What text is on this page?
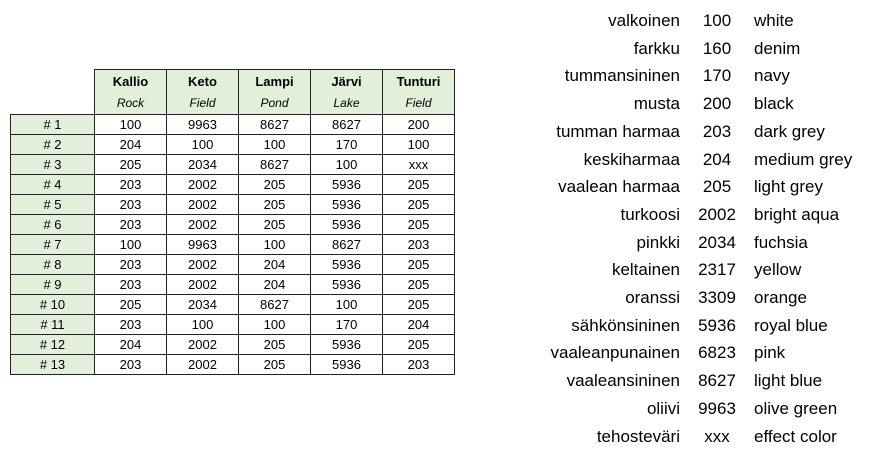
	Kallio	Keto	Lampi	Järvi	Tunturi
	Rock	Field	Pond	Lake	Field
# 1	100	9963	8627	8627	200
# 2	204	100	100	170	100
# 3	205	2034	8627	100	xxx
# 4	203	2002	205	5936	205
# 5	203	2002	205	5936	205
# 6	203	2002	205	5936	205
# 7	100	9963	100	8627	203
# 8	203	2002	204	5936	205
# 9	203	2002	204	5936	205
# 10	205	2034	8627	100	205
# 11	203	100	100	170	204
# 12	204	2002	205	5936	205
# 13	203	2002	205	5936	203
valkoinen	100	white
farkku	160	denim
tummansininen	170	navy
musta	200	black
tumman harmaa	203	dark grey
keskiharmaa	204	medium grey
vaalean harmaa	205	light grey
turkoosi	2002	bright aqua
pinkki	2034	fuchsia
keltainen	2317	yellow
oranssi	3309	orange
sähkönsininen	5936	royal blue
vaaleanpunainen	6823	pink
vaaleansininen	8627	light blue
oliivi	9963	olive green
tehosteväri	xxx	effect color
